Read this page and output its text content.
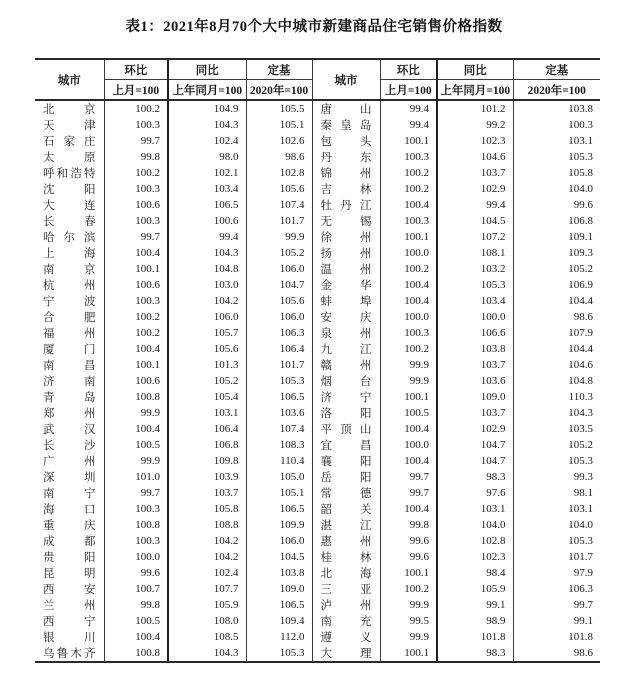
表1：2021年8月70个大中城市新建商品住宅销售价格指数
城市	环比	同比	定基	城市	环比	同比	定基
	上月=100	上年同月=100	2020年=100		上月=100	上年同月=100	2020年=100

北 京	100.2	104.9	105.5	唐 山	99.4	101.2	103.8

天 津	100.3	104.3	105.1	秦 皇 岛	99.4	99.2	100.3

石 家 庄	99.7	102.4	102.6	包 头	100.1	102.3	103.1

太 原	99.8	98.0	98.6	丹 东	100.3	104.6	105.3

呼 和 浩 特	100.2	102.1	102.8	锦 州	100.2	103.7	105.8

沈 阳	100.3	103.4	105.6	吉 林	100.2	102.9	104.0

大 连	100.6	106.5	107.4	牡 丹 江	100.4	99.4	99.6

长 春	100.3	100.6	101.7	无 锡	100.3	104.5	106.8

哈 尔 滨	99.7	99.4	99.9	徐 州	100.1	107.2	109.1

上 海	100.4	104.3	105.2	扬 州	100.0	108.1	109.3

南 京	100.1	104.8	106.0	温 州	100.2	103.2	105.2

杭 州	100.6	103.0	104.7	金 华	100.4	105.3	106.9

宁 波	100.3	104.2	105.6	蚌 埠	100.4	103.4	104.4

合 肥	100.2	106.0	106.0	安 庆	100.0	100.0	98.6

福 州	100.2	105.7	106.3	泉 州	100.3	106.6	107.9

厦 门	100.4	105.6	106.4	九 江	100.2	103.8	104.4

南 昌	100.1	101.3	101.7	赣 州	99.9	103.7	104.6

济 南	100.6	105.2	105.3	烟 台	99.9	103.6	104.8

青 岛	100.8	105.4	106.5	济 宁	100.1	109.0	110.3

郑 州	99.9	103.1	103.6	洛 阳	100.5	103.7	104.3

武 汉	100.4	106.4	107.4	平 顶 山	100.4	102.9	103.5

长 沙	100.5	106.8	108.3	宜 昌	100.0	104.7	105.2

广 州	99.9	109.8	110.4	襄 阳	100.4	104.7	105.3

深 圳	101.0	103.9	105.0	岳 阳	99.7	98.3	99.3

南 宁	99.7	103.7	105.1	常 德	99.7	97.6	98.1

海 口	100.3	105.8	106.5	韶 关	100.4	103.1	103.1

重 庆	100.8	108.8	109.9	湛 江	99.8	104.0	104.0

成 都	100.3	104.2	106.0	惠 州	99.6	102.8	105.3

贵 阳	100.0	104.2	104.5	桂 林	99.6	102.3	101.7

昆 明	99.6	102.4	103.8	北 海	100.1	98.4	97.9

西 安	100.7	107.7	109.0	三 亚	100.2	105.9	106.3

兰 州	99.8	105.9	106.5	泸 州	99.9	99.1	99.7

西 宁	100.5	108.0	109.4	南 充	99.5	98.9	99.1

银 川	100.4	108.5	112.0	遵 义	99.9	101.8	101.8

乌 鲁 木 齐	100.8	104.3	105.3	大 理	100.1	98.3	98.6
